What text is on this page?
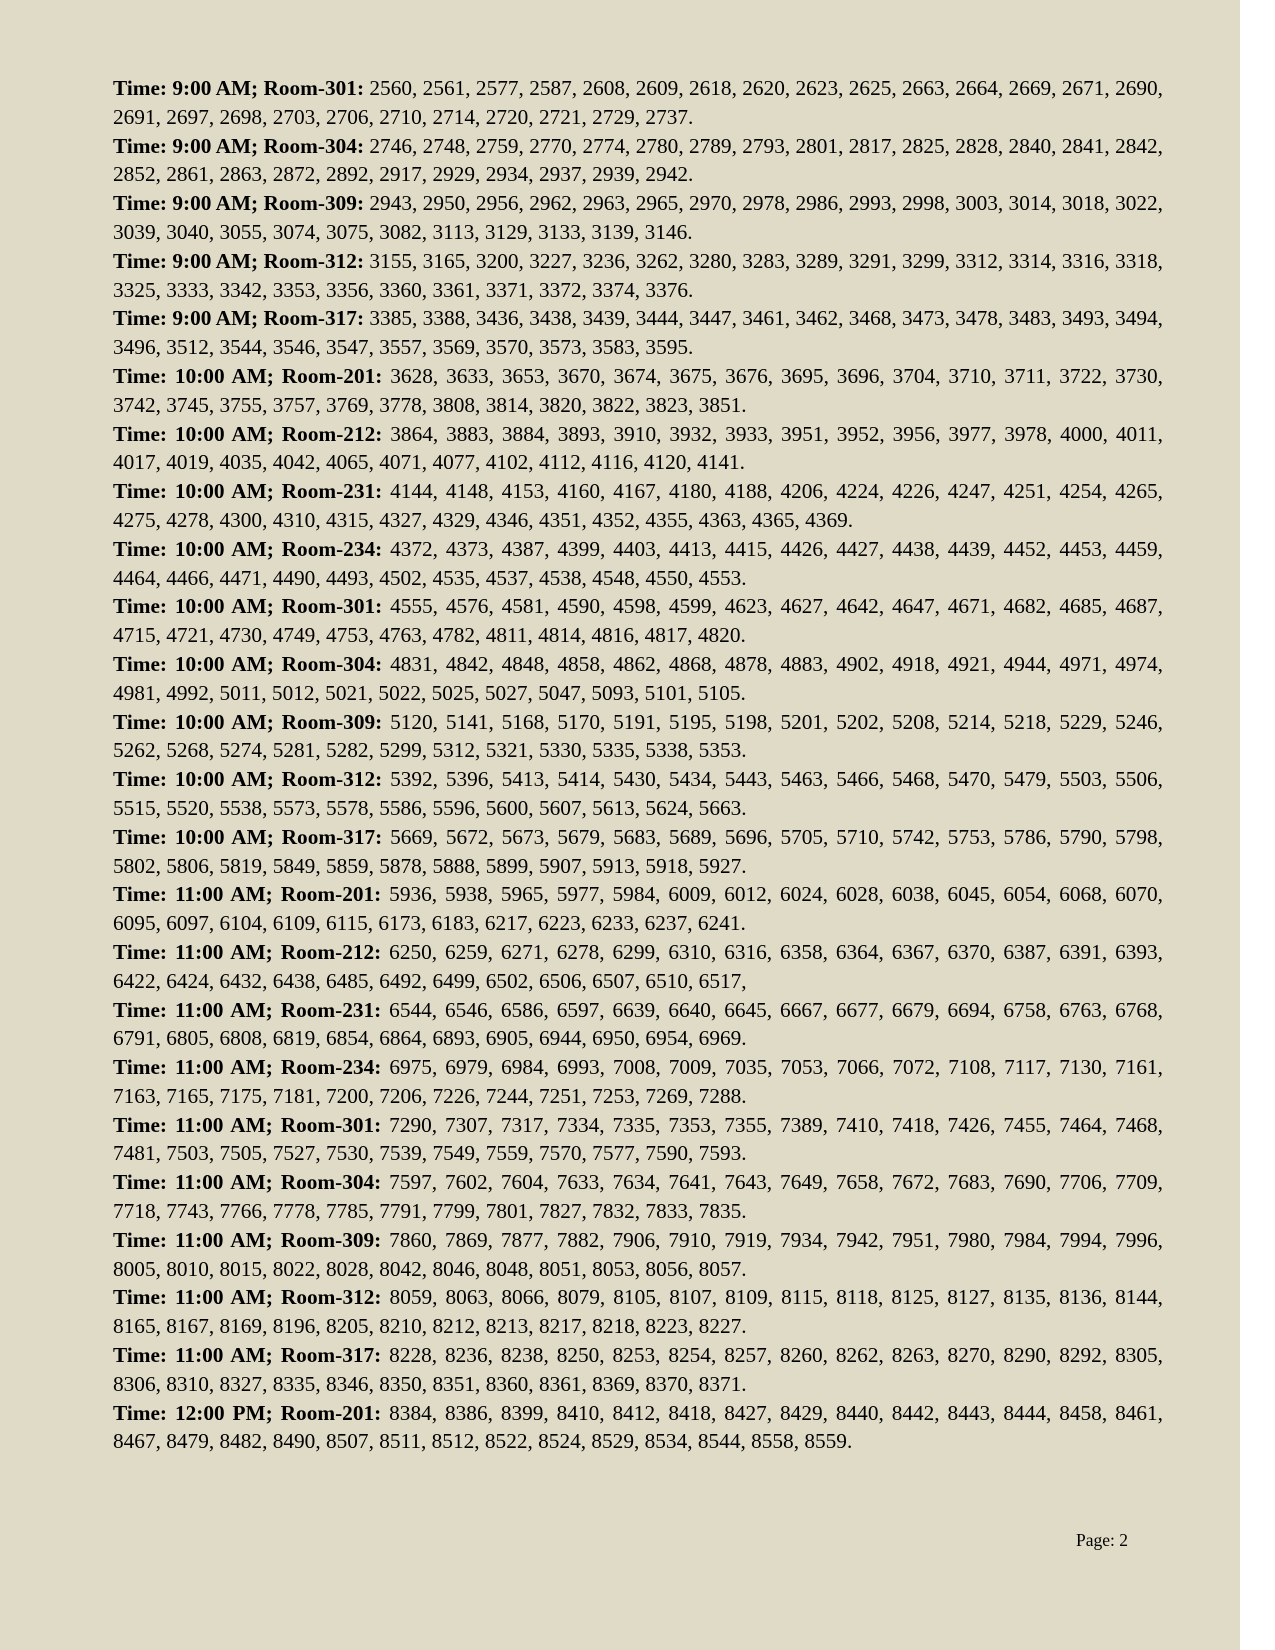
Time: 9:00 AM; Room-301: 2560, 2561, 2577, 2587, 2608, 2609, 2618, 2620, 2623, 2625, 2663, 2664, 2669, 2671, 2690, 2691, 2697, 2698, 2703, 2706, 2710, 2714, 2720, 2721, 2729, 2737.

Time: 9:00 AM; Room-304: 2746, 2748, 2759, 2770, 2774, 2780, 2789, 2793, 2801, 2817, 2825, 2828, 2840, 2841, 2842, 2852, 2861, 2863, 2872, 2892, 2917, 2929, 2934, 2937, 2939, 2942.

Time: 9:00 AM; Room-309: 2943, 2950, 2956, 2962, 2963, 2965, 2970, 2978, 2986, 2993, 2998, 3003, 3014, 3018, 3022, 3039, 3040, 3055, 3074, 3075, 3082, 3113, 3129, 3133, 3139, 3146.

Time: 9:00 AM; Room-312: 3155, 3165, 3200, 3227, 3236, 3262, 3280, 3283, 3289, 3291, 3299, 3312, 3314, 3316, 3318, 3325, 3333, 3342, 3353, 3356, 3360, 3361, 3371, 3372, 3374, 3376.

Time: 9:00 AM; Room-317: 3385, 3388, 3436, 3438, 3439, 3444, 3447, 3461, 3462, 3468, 3473, 3478, 3483, 3493, 3494, 3496, 3512, 3544, 3546, 3547, 3557, 3569, 3570, 3573, 3583, 3595.

Time: 10:00 AM; Room-201: 3628, 3633, 3653, 3670, 3674, 3675, 3676, 3695, 3696, 3704, 3710, 3711, 3722, 3730, 3742, 3745, 3755, 3757, 3769, 3778, 3808, 3814, 3820, 3822, 3823, 3851.

Time: 10:00 AM; Room-212: 3864, 3883, 3884, 3893, 3910, 3932, 3933, 3951, 3952, 3956, 3977, 3978, 4000, 4011, 4017, 4019, 4035, 4042, 4065, 4071, 4077, 4102, 4112, 4116, 4120, 4141.

Time: 10:00 AM; Room-231: 4144, 4148, 4153, 4160, 4167, 4180, 4188, 4206, 4224, 4226, 4247, 4251, 4254, 4265, 4275, 4278, 4300, 4310, 4315, 4327, 4329, 4346, 4351, 4352, 4355, 4363, 4365, 4369.

Time: 10:00 AM; Room-234: 4372, 4373, 4387, 4399, 4403, 4413, 4415, 4426, 4427, 4438, 4439, 4452, 4453, 4459, 4464, 4466, 4471, 4490, 4493, 4502, 4535, 4537, 4538, 4548, 4550, 4553.

Time: 10:00 AM; Room-301: 4555, 4576, 4581, 4590, 4598, 4599, 4623, 4627, 4642, 4647, 4671, 4682, 4685, 4687, 4715, 4721, 4730, 4749, 4753, 4763, 4782, 4811, 4814, 4816, 4817, 4820.

Time: 10:00 AM; Room-304: 4831, 4842, 4848, 4858, 4862, 4868, 4878, 4883, 4902, 4918, 4921, 4944, 4971, 4974, 4981, 4992, 5011, 5012, 5021, 5022, 5025, 5027, 5047, 5093, 5101, 5105.

Time: 10:00 AM; Room-309: 5120, 5141, 5168, 5170, 5191, 5195, 5198, 5201, 5202, 5208, 5214, 5218, 5229, 5246, 5262, 5268, 5274, 5281, 5282, 5299, 5312, 5321, 5330, 5335, 5338, 5353.

Time: 10:00 AM; Room-312: 5392, 5396, 5413, 5414, 5430, 5434, 5443, 5463, 5466, 5468, 5470, 5479, 5503, 5506, 5515, 5520, 5538, 5573, 5578, 5586, 5596, 5600, 5607, 5613, 5624, 5663.

Time: 10:00 AM; Room-317: 5669, 5672, 5673, 5679, 5683, 5689, 5696, 5705, 5710, 5742, 5753, 5786, 5790, 5798, 5802, 5806, 5819, 5849, 5859, 5878, 5888, 5899, 5907, 5913, 5918, 5927.

Time: 11:00 AM; Room-201: 5936, 5938, 5965, 5977, 5984, 6009, 6012, 6024, 6028, 6038, 6045, 6054, 6068, 6070, 6095, 6097, 6104, 6109, 6115, 6173, 6183, 6217, 6223, 6233, 6237, 6241.

Time: 11:00 AM; Room-212: 6250, 6259, 6271, 6278, 6299, 6310, 6316, 6358, 6364, 6367, 6370, 6387, 6391, 6393, 6422, 6424, 6432, 6438, 6485, 6492, 6499, 6502, 6506, 6507, 6510, 6517,

Time: 11:00 AM; Room-231: 6544, 6546, 6586, 6597, 6639, 6640, 6645, 6667, 6677, 6679, 6694, 6758, 6763, 6768, 6791, 6805, 6808, 6819, 6854, 6864, 6893, 6905, 6944, 6950, 6954, 6969.

Time: 11:00 AM; Room-234: 6975, 6979, 6984, 6993, 7008, 7009, 7035, 7053, 7066, 7072, 7108, 7117, 7130, 7161, 7163, 7165, 7175, 7181, 7200, 7206, 7226, 7244, 7251, 7253, 7269, 7288.

Time: 11:00 AM; Room-301: 7290, 7307, 7317, 7334, 7335, 7353, 7355, 7389, 7410, 7418, 7426, 7455, 7464, 7468, 7481, 7503, 7505, 7527, 7530, 7539, 7549, 7559, 7570, 7577, 7590, 7593.

Time: 11:00 AM; Room-304: 7597, 7602, 7604, 7633, 7634, 7641, 7643, 7649, 7658, 7672, 7683, 7690, 7706, 7709, 7718, 7743, 7766, 7778, 7785, 7791, 7799, 7801, 7827, 7832, 7833, 7835.

Time: 11:00 AM; Room-309: 7860, 7869, 7877, 7882, 7906, 7910, 7919, 7934, 7942, 7951, 7980, 7984, 7994, 7996, 8005, 8010, 8015, 8022, 8028, 8042, 8046, 8048, 8051, 8053, 8056, 8057.

Time: 11:00 AM; Room-312: 8059, 8063, 8066, 8079, 8105, 8107, 8109, 8115, 8118, 8125, 8127, 8135, 8136, 8144, 8165, 8167, 8169, 8196, 8205, 8210, 8212, 8213, 8217, 8218, 8223, 8227.

Time: 11:00 AM; Room-317: 8228, 8236, 8238, 8250, 8253, 8254, 8257, 8260, 8262, 8263, 8270, 8290, 8292, 8305, 8306, 8310, 8327, 8335, 8346, 8350, 8351, 8360, 8361, 8369, 8370, 8371.

Time: 12:00 PM; Room-201: 8384, 8386, 8399, 8410, 8412, 8418, 8427, 8429, 8440, 8442, 8443, 8444, 8458, 8461, 8467, 8479, 8482, 8490, 8507, 8511, 8512, 8522, 8524, 8529, 8534, 8544, 8558, 8559.

Page: 2
